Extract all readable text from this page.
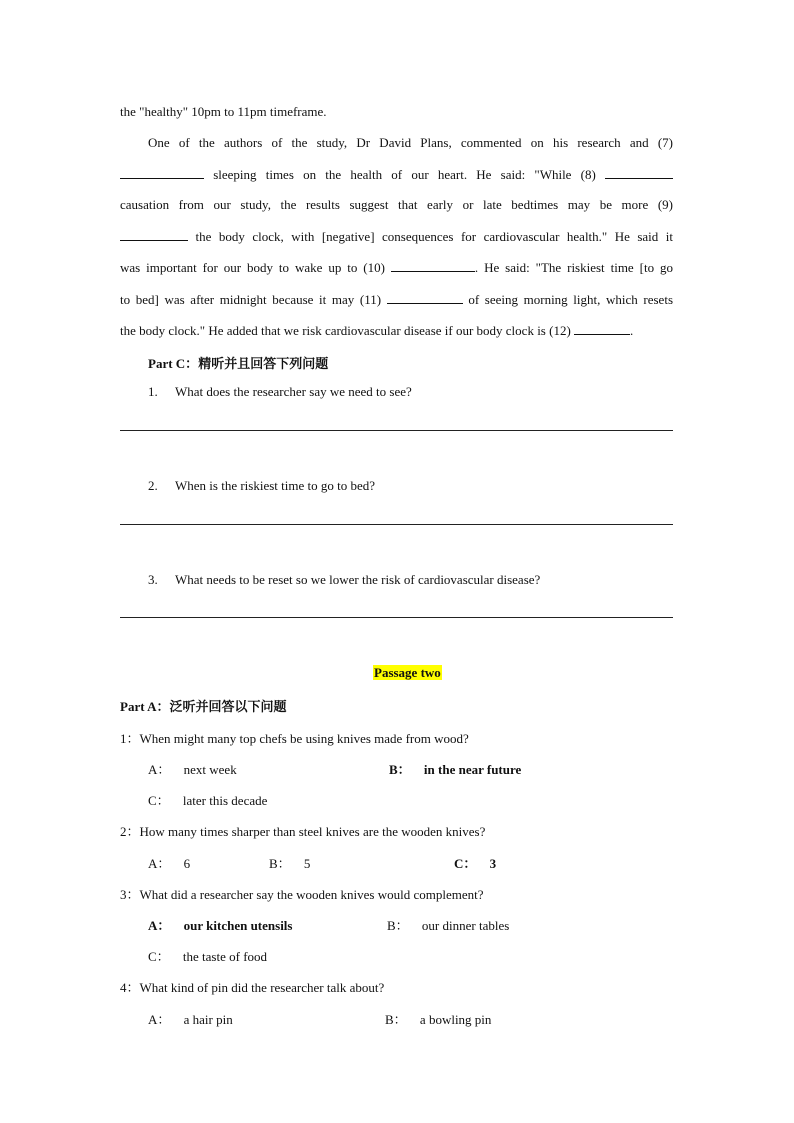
the "healthy" 10pm to 11pm timeframe.
One of the authors of the study, Dr David Plans, commented on his research and (7)
sleeping times on the health of our heart. He said: "While (8)
causation from our study, the results suggest that early or late bedtimes may be more (9)
the body clock, with [negative] consequences for cardiovascular health." He said it
was important for our body to wake up to (10)	. He said: "The riskiest time [to go
to bed] was after midnight because it may (11)	of seeing morning light, which resets
the body clock." He added that we risk cardiovascular disease if our body clock is (12)	.
Part C：精听并且回答下列问题
1. What does the researcher say we need to see?
2. When is the riskiest time to go to bed?
3. What needs to be reset so we lower the risk of cardiovascular disease?
Passage two
Part A：泛听并回答以下问题
1：When might many top chefs be using knives made from wood?
A： next week	B： in the near future
C： later this decade
2：How many times sharper than steel knives are the wooden knives?
A： 6	B： 5	C： 3
3：What did a researcher say the wooden knives would complement?
A： our kitchen utensils	B： our dinner tables
C： the taste of food
4：What kind of pin did the researcher talk about?
A： a hair pin	B： a bowling pin
